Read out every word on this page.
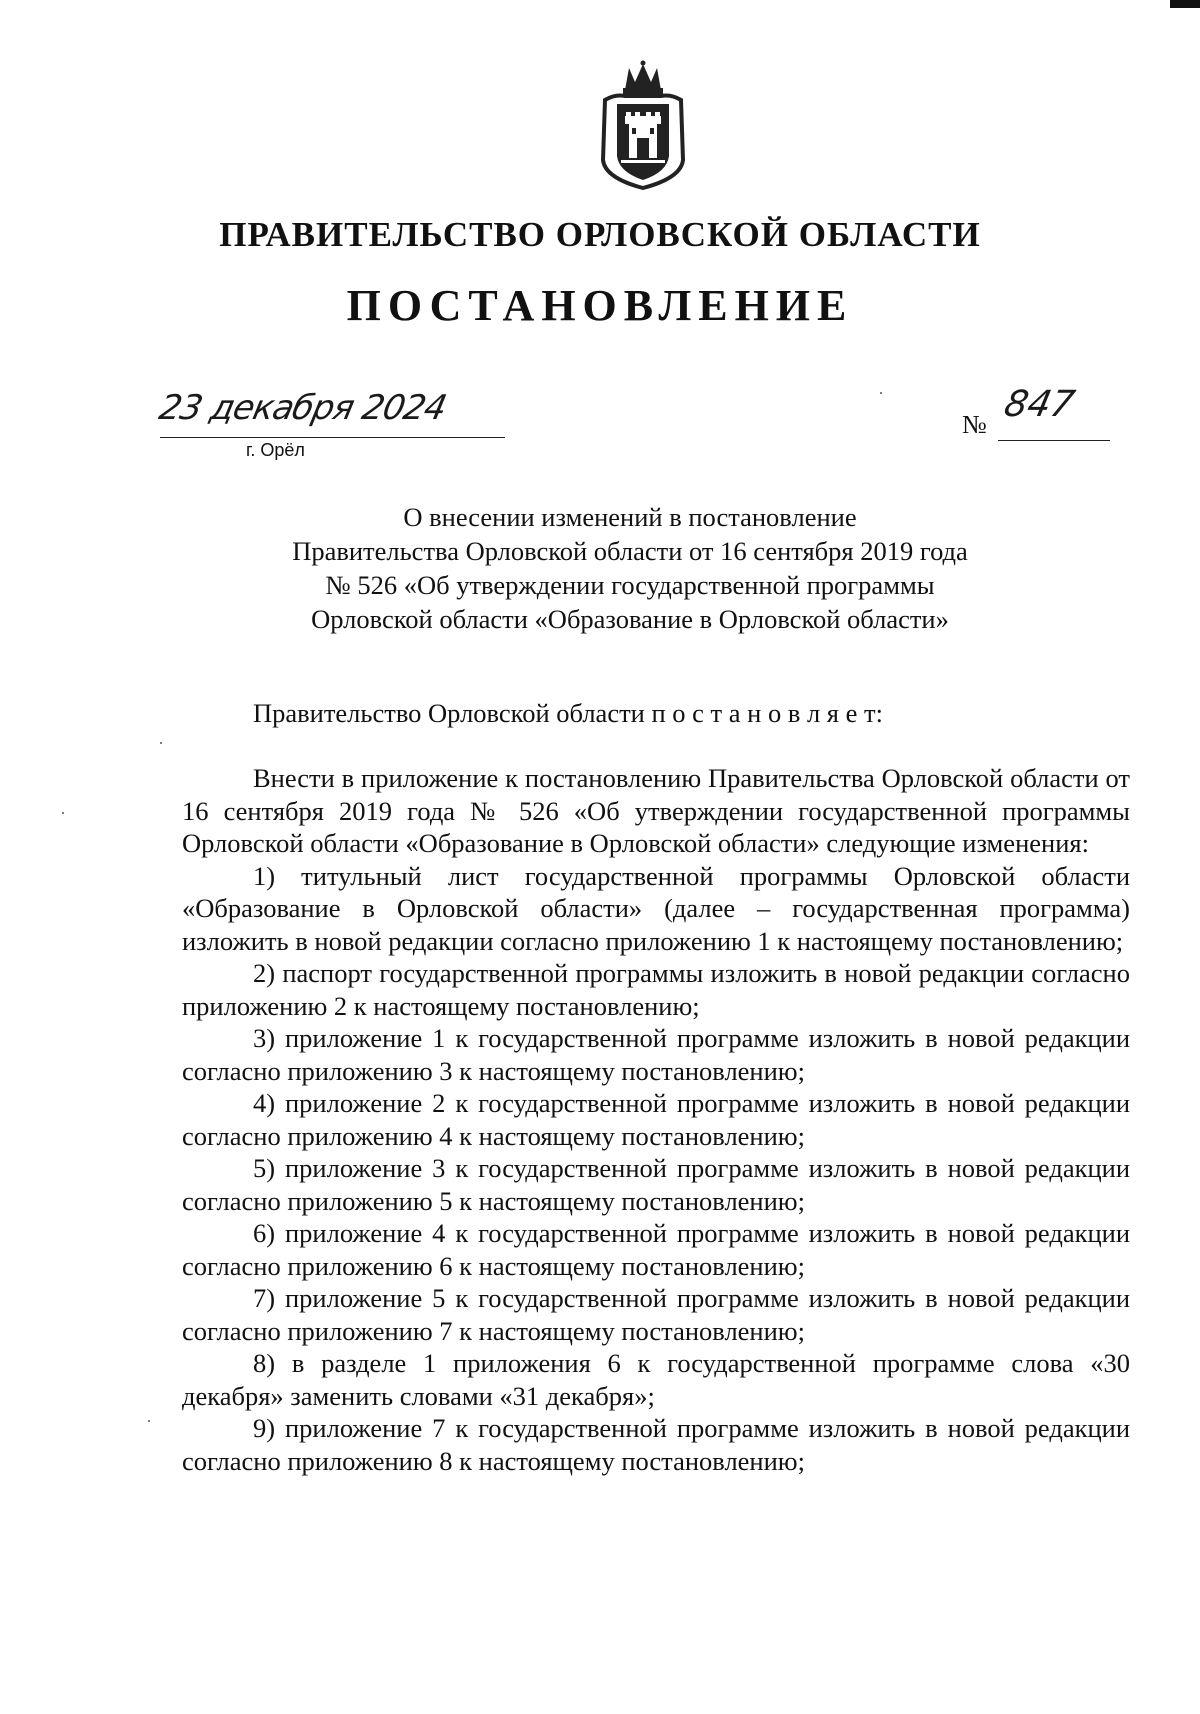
ПРАВИТЕЛЬСТВО ОРЛОВСКОЙ ОБЛАСТИ
ПОСТАНОВЛЕНИЕ
23 декабря 2024
г. Орёл
№ 847
О внесении изменений в постановление
Правительства Орловской области от 16 сентября 2019 года
№ 526 «Об утверждении государственной программы
Орловской области «Образование в Орловской области»
Правительство Орловской области п о с т а н о в л я е т:

Внести в приложение к постановлению Правительства Орловской области от 16 сентября 2019 года № 526 «Об утверждении государственной программы Орловской области «Образование в Орловской области» следующие изменения:

1) титульный лист государственной программы Орловской области «Образование в Орловской области» (далее – государственная программа) изложить в новой редакции согласно приложению 1 к настоящему постановлению;

2) паспорт государственной программы изложить в новой редакции согласно приложению 2 к настоящему постановлению;

3) приложение 1 к государственной программе изложить в новой редакции согласно приложению 3 к настоящему постановлению;

4) приложение 2 к государственной программе изложить в новой редакции согласно приложению 4 к настоящему постановлению;

5) приложение 3 к государственной программе изложить в новой редакции согласно приложению 5 к настоящему постановлению;

6) приложение 4 к государственной программе изложить в новой редакции согласно приложению 6 к настоящему постановлению;

7) приложение 5 к государственной программе изложить в новой редакции согласно приложению 7 к настоящему постановлению;

8) в разделе 1 приложения 6 к государственной программе слова «30 декабря» заменить словами «31 декабря»;

9) приложение 7 к государственной программе изложить в новой редакции согласно приложению 8 к настоящему постановлению;
